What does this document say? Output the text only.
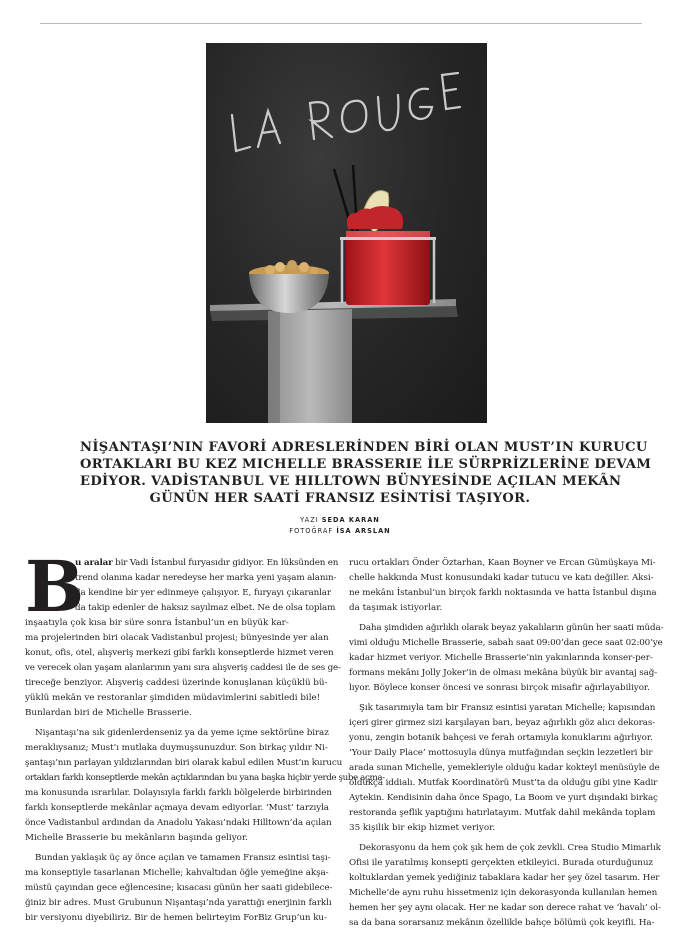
NİŞANTAŞI’NIN FAVORİ ADRESLERİNDEN BİRİ OLAN MUST’IN KURUCU
ORTAKLARI BU KEZ MICHELLE BRASSERIE İLE SÜRPRİZLERİNE DEVAM
EDİYOR. VADİSTANBUL VE HILLTOWN BÜNYESİNDE AÇILAN MEKÂN
GÜNÜN HER SAATİ FRANSIZ ESİNTİSİ TAŞIYOR.
YAZI SEDA KARAN
FOTOĞRAF İSA ARSLAN
B
u aralar bir Vadi İstanbul furyasıdır gidiyor. En lüksünden en
trend olanına kadar neredeyse her marka yeni yaşam alanın-
da kendine bir yer edinmeye çalışıyor. E, furyayı çıkaranlar
da takip edenler de haksız sayılmaz elbet. Ne de olsa toplam
inşaatıyla çok kısa bir süre sonra İstanbul’un en büyük kar-
ma projelerinden biri olacak Vadistanbul projesi; bünyesinde yer alan
konut, ofis, otel, alışveriş merkezi gibi farklı konseptlerde hizmet veren
ve verecek olan yaşam alanlarının yanı sıra alışveriş caddesi ile de ses ge-
tireceğe benziyor. Alışveriş caddesi üzerinde konuşlanan küçüklü bü-
yüklü mekân ve restoranlar şimdiden müdavimlerini sabitledi bile!
Bunlardan biri de Michelle Brasserie.
Nişantaşı’na sık gidenlerdenseniz ya da yeme içme sektörüne biraz
meraklıysanız; Must’ı mutlaka duymuşsunuzdur. Son birkaç yıldır Ni-
şantaşı’nın parlayan yıldızlarından biri olarak kabul edilen Must’ın kurucu
ortakları farklı konseptlerde mekân açtıklarından bu yana başka hiçbir yerde şube açma-
ma konusunda ısrarlılar. Dolayısıyla farklı farklı bölgelerde birbirinden
farklı konseptlerde mekânlar açmaya devam ediyorlar. ‘Must’ tarzıyla
önce Vadistanbul ardından da Anadolu Yakası’ndaki Hilltown’da açılan
Michelle Brasserie bu mekânların başında geliyor.
Bundan yaklaşık üç ay önce açılan ve tamamen Fransız esintisi taşı-
ma konseptiyle tasarlanan Michelle; kahvaltıdan öğle yemeğine akşa-
müstü çayından gece eğlencesine; kısacası günün her saati gidebilece-
ğiniz bir adres. Must Grubunun Nişantaşı’nda yarattığı enerjinin farklı
bir versiyonu diyebiliriz. Bir de hemen belirteyim ForBiz Grup’un ku-
rucu ortakları Önder Öztarhan, Kaan Boyner ve Ercan Gümüşkaya Mi-
chelle hakkında Must konusundaki kadar tutucu ve katı değiller. Aksi-
ne mekânı İstanbul’un birçok farklı noktasında ve hatta İstanbul dışına
da taşımak istiyorlar.
Daha şimdiden ağırlıklı olarak beyaz yakalıların günün her saati müda-
vimi olduğu Michelle Brasserie, sabah saat 09:00’dan gece saat 02:00’ye
kadar hizmet veriyor. Michelle Brasserie’nin yakınlarında konser-per-
formans mekânı Jolly Joker’in de olması mekâna büyük bir avantaj sağ-
lıyor. Böylece konser öncesi ve sonrası birçok misafir ağırlayabiliyor.
Şık tasarımıyla tam bir Fransız esintisi yaratan Michelle; kapısından
içeri girer girmez sizi karşılayan barı, beyaz ağırlıklı göz alıcı dekoras-
yonu, zengin botanik bahçesi ve ferah ortamıyla konuklarını ağırlıyor.
‘Your Daily Place’ mottosuyla dünya mutfağından seçkin lezzetleri bir
arada sunan Michelle, yemekleriyle olduğu kadar kokteyl menüsüyle de
oldukça iddialı. Mutfak Koordinatörü Must’ta da olduğu gibi yine Kadir
Aytekin. Kendisinin daha önce Spago, La Boom ve yurt dışındaki birkaç
restoranda şeflik yaptığını hatırlatayım. Mutfak dahil mekânda toplam
35 kişilik bir ekip hizmet veriyor.
Dekorasyonu da hem çok şık hem de çok zevkli. Crea Studio Mimarlık
Ofisi ile yaratılmış konsepti gerçekten etkileyici. Burada oturduğunuz
koltuklardan yemek yediğiniz tabaklara kadar her şey özel tasarım. Her
Michelle’de aynı ruhu hissetmeniz için dekorasyonda kullanılan hemen
hemen her şey aynı olacak. Her ne kadar son derece rahat ve ‘havalı’ ol-
sa da bana sorarsanız mekânın özellikle bahçe bölümü çok keyifli. Ha-
